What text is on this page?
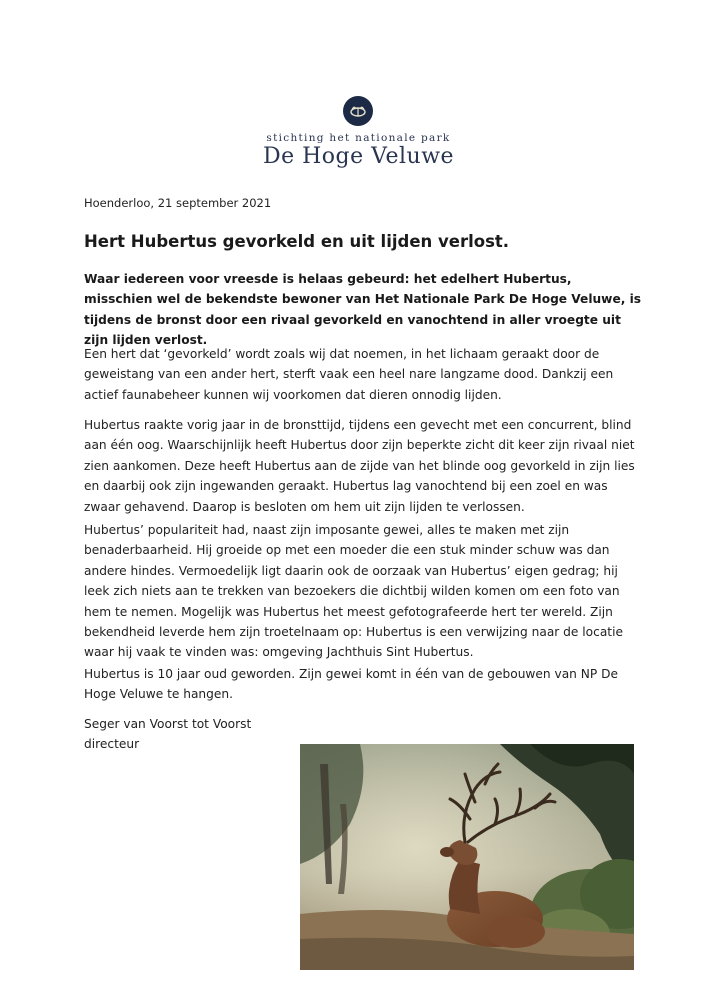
stichting het nationale park
De Hoge Veluwe
Hoenderloo, 21 september 2021
Hert Hubertus gevorkeld en uit lijden verlost.
Waar iedereen voor vreesde is helaas gebeurd: het edelhert Hubertus, misschien wel de bekendste bewoner van Het Nationale Park De Hoge Veluwe, is tijdens de bronst door een rivaal gevorkeld en vanochtend in aller vroegte uit zijn lijden verlost.
Een hert dat ‘gevorkeld’ wordt zoals wij dat noemen, in het lichaam geraakt door de geweistang van een ander hert, sterft vaak een heel nare langzame dood. Dankzij een actief faunabeheer kunnen wij voorkomen dat dieren onnodig lijden.
Hubertus raakte vorig jaar in de bronsttijd, tijdens een gevecht met een concurrent, blind aan één oog. Waarschijnlijk heeft Hubertus door zijn beperkte zicht dit keer zijn rivaal niet zien aankomen. Deze heeft Hubertus aan de zijde van het blinde oog gevorkeld in zijn lies en daarbij ook zijn ingewanden geraakt. Hubertus lag vanochtend bij een zoel en was zwaar gehavend. Daarop is besloten om hem uit zijn lijden te verlossen.
Hubertus’ populariteit had, naast zijn imposante gewei, alles te maken met zijn benaderbaarheid. Hij groeide op met een moeder die een stuk minder schuw was dan andere hindes. Vermoedelijk ligt daarin ook de oorzaak van Hubertus’ eigen gedrag; hij leek zich niets aan te trekken van bezoekers die dichtbij wilden komen om een foto van hem te nemen. Mogelijk was Hubertus het meest gefotografeerde hert ter wereld. Zijn bekendheid leverde hem zijn troetelnaam op: Hubertus is een verwijzing naar de locatie waar hij vaak te vinden was: omgeving Jachthuis Sint Hubertus.
Hubertus is 10 jaar oud geworden. Zijn gewei komt in één van de gebouwen van NP De Hoge Veluwe te hangen.
Seger van Voorst tot Voorst
directeur
